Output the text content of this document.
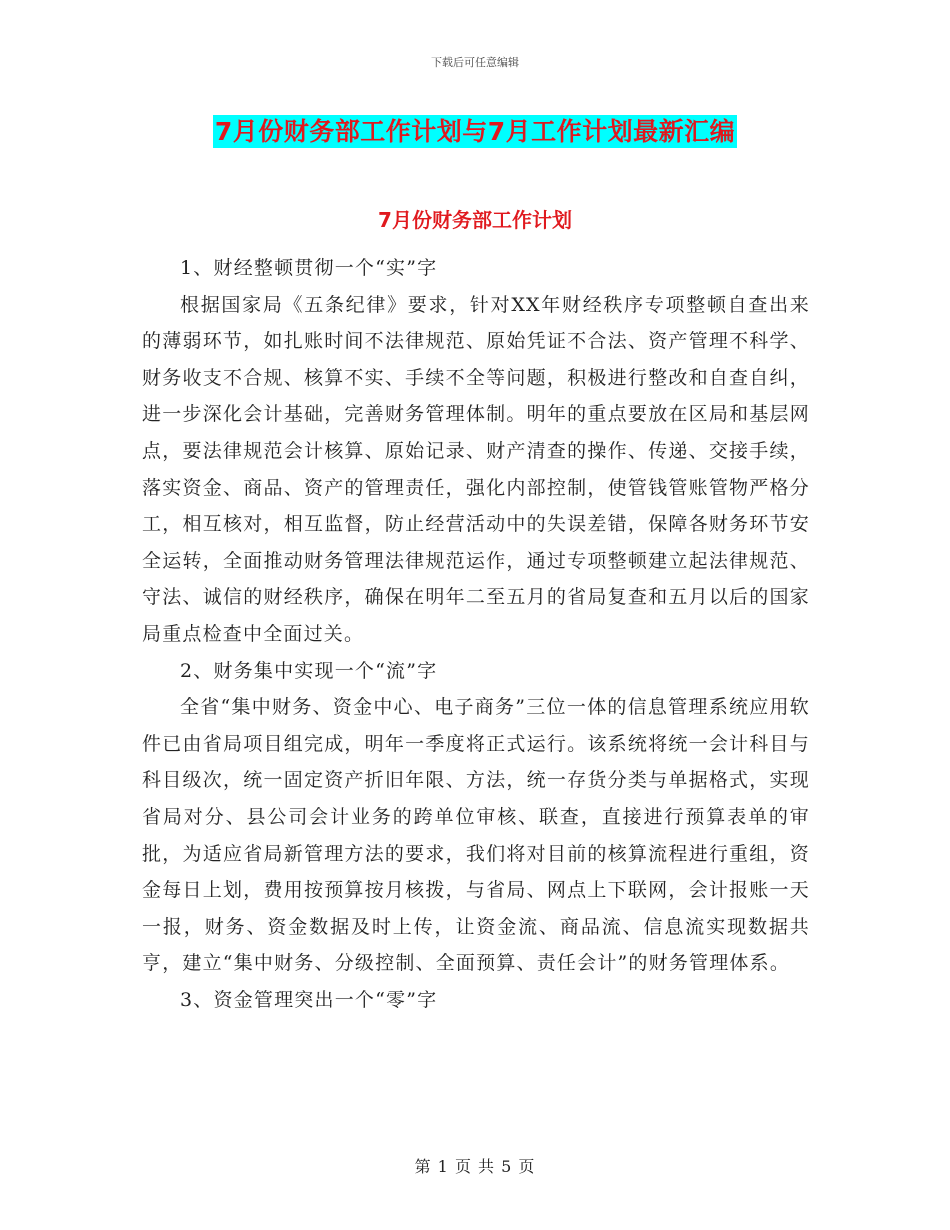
下载后可任意编辑
7月份财务部工作计划与7月工作计划最新汇编
7月份财务部工作计划

1、财经整顿贯彻一个“实”字

根据国家局《五条纪律》要求，针对XX年财经秩序专项整顿自查出来的薄弱环节，如扎账时间不法律规范、原始凭证不合法、资产管理不科学、财务收支不合规、核算不实、手续不全等问题，积极进行整改和自查自纠，进一步深化会计基础，完善财务管理体制。明年的重点要放在区局和基层网点，要法律规范会计核算、原始记录、财产清查的操作、传递、交接手续，落实资金、商品、资产的管理责任，强化内部控制，使管钱管账管物严格分工，相互核对，相互监督，防止经营活动中的失误差错，保障各财务环节安全运转，全面推动财务管理法律规范运作，通过专项整顿建立起法律规范、守法、诚信的财经秩序，确保在明年二至五月的省局复查和五月以后的国家局重点检查中全面过关。

2、财务集中实现一个“流”字

全省“集中财务、资金中心、电子商务”三位一体的信息管理系统应用软件已由省局项目组完成，明年一季度将正式运行。该系统将统一会计科目与科目级次，统一固定资产折旧年限、方法，统一存货分类与单据格式，实现省局对分、县公司会计业务的跨单位审核、联查，直接进行预算表单的审批，为适应省局新管理方法的要求，我们将对目前的核算流程进行重组，资金每日上划，费用按预算按月核拨，与省局、网点上下联网，会计报账一天一报，财务、资金数据及时上传，让资金流、商品流、信息流实现数据共亨，建立“集中财务、分级控制、全面预算、责任会计”的财务管理体系。

3、资金管理突出一个“零”字

第 1 页 共 5 页
